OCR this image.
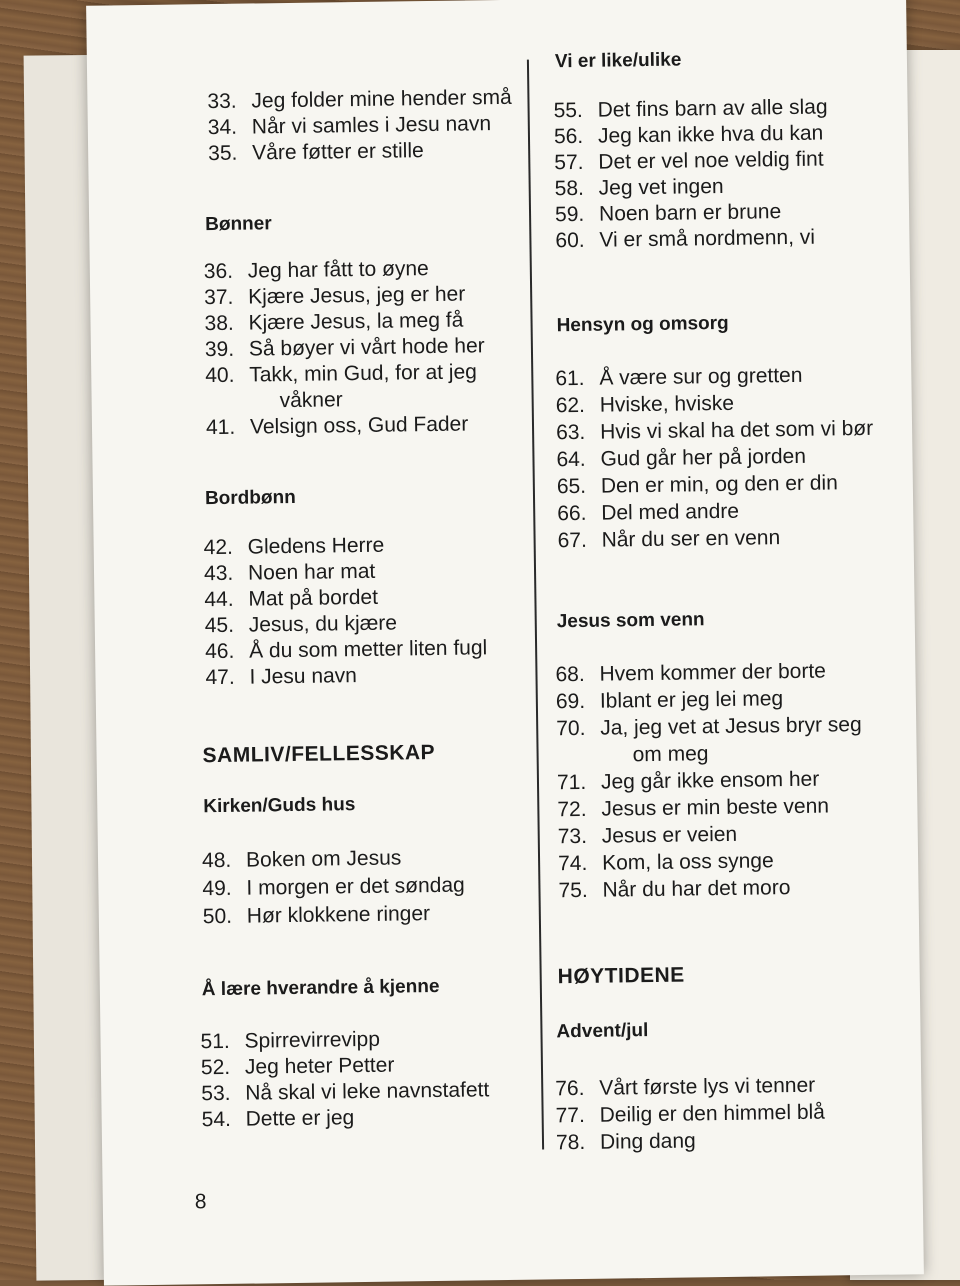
33. Jeg folder mine hender små
34. Når vi samles i Jesu navn
35. Våre føtter er stille
Bønner
36. Jeg har fått to øyne
37. Kjære Jesus, jeg er her
38. Kjære Jesus, la meg få
39. Så bøyer vi vårt hode her
40. Takk, min Gud, for at jeg
våkner
41. Velsign oss, Gud Fader
Bordbønn
42. Gledens Herre
43. Noen har mat
44. Mat på bordet
45. Jesus, du kjære
46. Å du som metter liten fugl
47. I Jesu navn
SAMLIV/FELLESSKAP
Kirken/Guds hus
48. Boken om Jesus
49. I morgen er det søndag
50. Hør klokkene ringer
Å lære hverandre å kjenne
51. Spirrevirrevipp
52. Jeg heter Petter
53. Nå skal vi leke navnstafett
54. Dette er jeg
8
Vi er like/ulike
55. Det fins barn av alle slag
56. Jeg kan ikke hva du kan
57. Det er vel noe veldig fint
58. Jeg vet ingen
59. Noen barn er brune
60. Vi er små nordmenn, vi
Hensyn og omsorg
61. Å være sur og gretten
62. Hviske, hviske
63. Hvis vi skal ha det som vi bør
64. Gud går her på jorden
65. Den er min, og den er din
66. Del med andre
67. Når du ser en venn
Jesus som venn
68. Hvem kommer der borte
69. Iblant er jeg lei meg
70. Ja, jeg vet at Jesus bryr seg
om meg
71. Jeg går ikke ensom her
72. Jesus er min beste venn
73. Jesus er veien
74. Kom, la oss synge
75. Når du har det moro
HØYTIDENE
Advent/jul
76. Vårt første lys vi tenner
77. Deilig er den himmel blå
78. Ding dang
